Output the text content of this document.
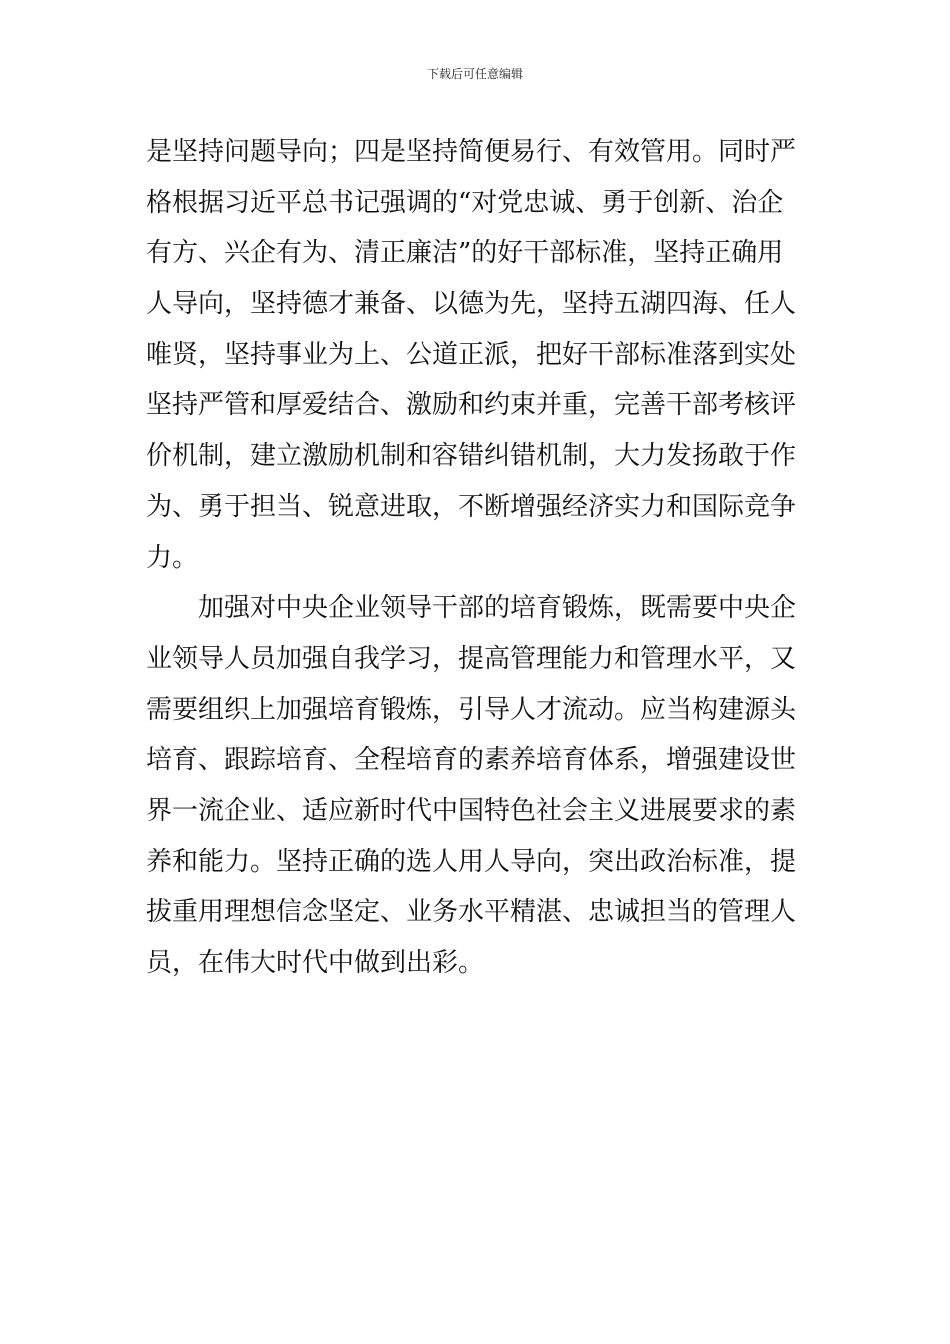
下载后可任意编辑
是坚持问题导向；四是坚持简便易行、有效管用。同时严
格根据习近平总书记强调的“对党忠诚、勇于创新、治企
有方、兴企有为、清正廉洁”的好干部标准，坚持正确用
人导向，坚持德才兼备、以德为先，坚持五湖四海、任人
唯贤，坚持事业为上、公道正派，把好干部标准落到实处
坚持严管和厚爱结合、激励和约束并重，完善干部考核评
价机制，建立激励机制和容错纠错机制，大力发扬敢于作
为、勇于担当、锐意进取，不断增强经济实力和国际竞争
力。
加强对中央企业领导干部的培育锻炼，既需要中央企
业领导人员加强自我学习，提高管理能力和管理水平，又
需要组织上加强培育锻炼，引导人才流动。应当构建源头
培育、跟踪培育、全程培育的素养培育体系，增强建设世
界一流企业、适应新时代中国特色社会主义进展要求的素
养和能力。坚持正确的选人用人导向，突出政治标准，提
拔重用理想信念坚定、业务水平精湛、忠诚担当的管理人
员，在伟大时代中做到出彩。
